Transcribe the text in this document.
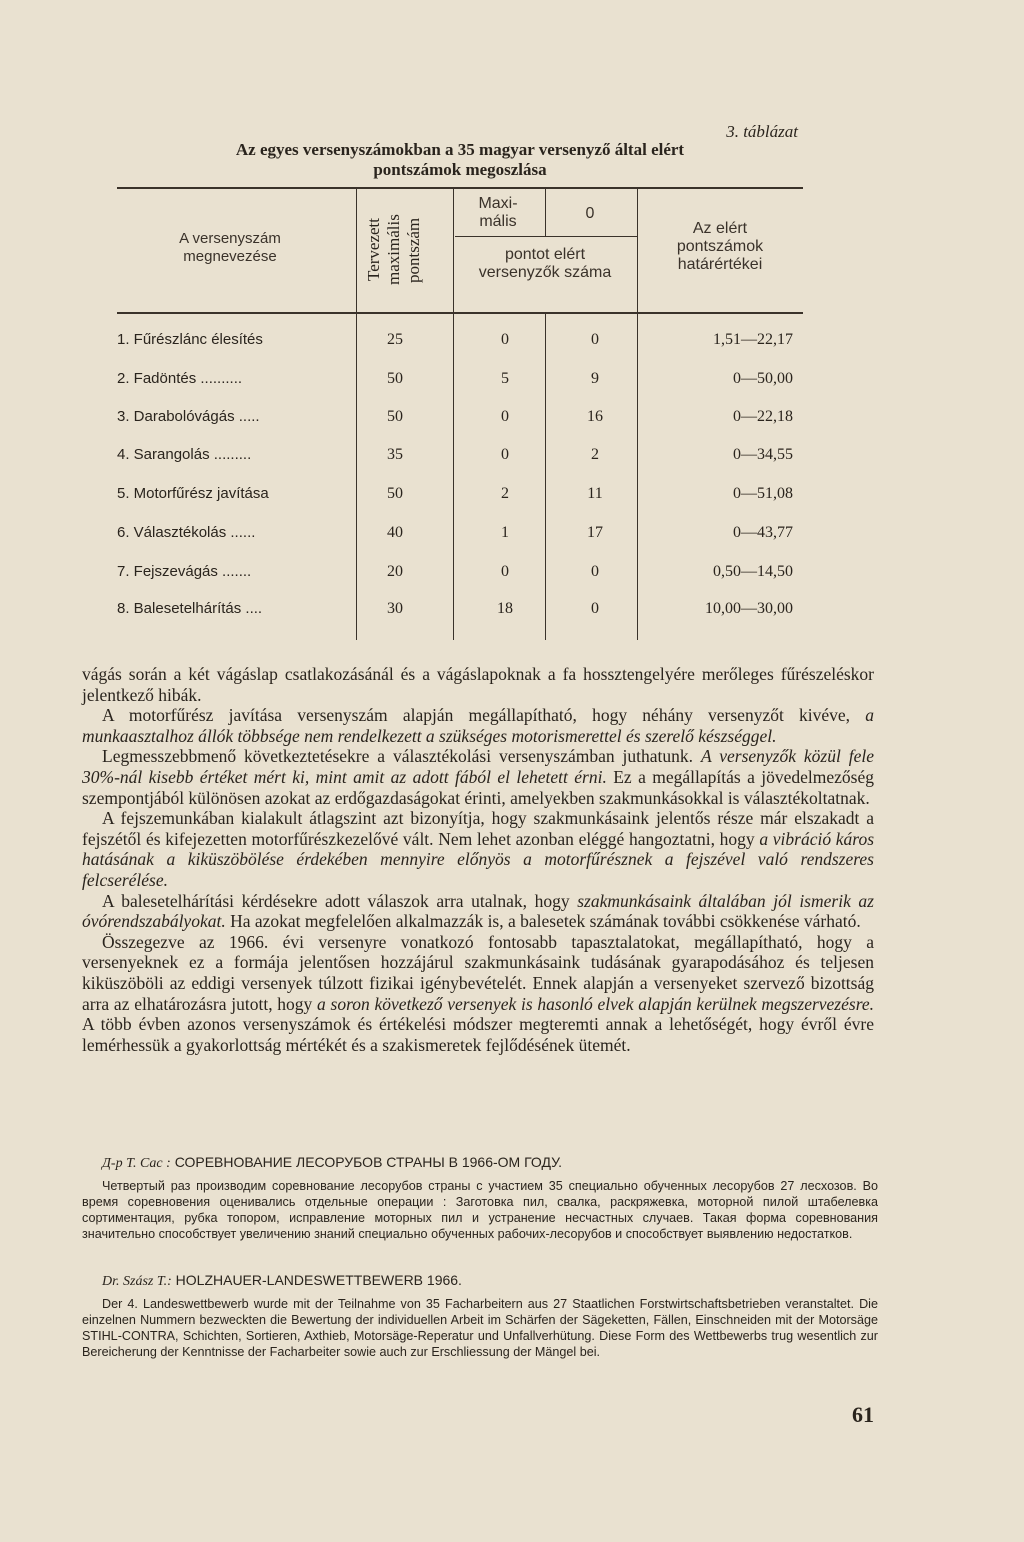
3. táblázat
Az egyes versenyszámokban a 35 magyar versenyző által elért
pontszámok megoszlása
A versenyszám megnevezése	Tervezett maximális pontszám
Maxi-mális	0
pontot elért versenyzők száma
Az elért pontszámok határértékei
1. Fűrészlánc élesítés	25	0	0	1,51—22,17
2. Fadöntés ..........	50	5	9	0—50,00
3. Darabolóvágás .....	50	0	16	0—22,18
4. Sarangolás .........	35	0	2	0—34,55
5. Motorfűrész javítása	50	2	11	0—51,08
6. Választékolás ......	40	1	17	0—43,77
7. Fejszevágás .......	20	0	0	0,50—14,50
8. Balesetelhárítás ....	30	18	0	10,00—30,00

vágás során a két vágáslap csatlakozásánál és a vágáslapoknak a fa hossztengelyére merőleges fűrészeléskor jelentkező hibák.

A motorfűrész javítása versenyszám alapján megállapítható, hogy néhány versenyzőt kivéve, a munkaasztalhoz állók többsége nem rendelkezett a szükséges motorismerettel és szerelő készséggel.

Legmesszebbmenő következtetésekre a választékolási versenyszámban juthatunk. A versenyzők közül fele 30%-nál kisebb értéket mért ki, mint amit az adott fából el lehetett érni. Ez a megállapítás a jövedelmezőség szempontjából különösen azokat az erdőgazdaságokat érinti, amelyekben szakmunkásokkal is választékoltatnak.

A fejszemunkában kialakult átlagszint azt bizonyítja, hogy szakmunkásaink jelentős része már elszakadt a fejszétől és kifejezetten motorfűrészkezelővé vált. Nem lehet azonban eléggé hangoztatni, hogy a vibráció káros hatásának a kiküszöbölése érdekében mennyire előnyös a motorfűrésznek a fejszével való rendszeres felcserélése.

A balesetelhárítási kérdésekre adott válaszok arra utalnak, hogy szakmunkásaink általában jól ismerik az óvórendszabályokat. Ha azokat megfelelően alkalmazzák is, a balesetek számának további csökkenése várható.

Összegezve az 1966. évi versenyre vonatkozó fontosabb tapasztalatokat, megállapítható, hogy a versenyeknek ez a formája jelentősen hozzájárul szakmunkásaink tudásának gyarapodásához és teljesen kiküszöböli az eddigi versenyek túlzott fizikai igénybevételét. Ennek alapján a versenyeket szervező bizottság arra az elhatározásra jutott, hogy a soron következő versenyek is hasonló elvek alapján kerülnek megszervezésre. A több évben azonos versenyszámok és értékelési módszer megteremti annak a lehetőségét, hogy évről évre lemérhessük a gyakorlottság mértékét és a szakismeretek fejlődésének ütemét.

Д-р Т. Сас : СОРЕВНОВАНИЕ ЛЕСОРУБОВ СТРАНЫ В 1966-ОМ ГОДУ.

Четвертый раз производим соревнование лесорубов страны с участием 35 специально обученных лесорубов 27 лесхозов. Во время соревновения оценивались отдельные операции : Заготовка пил, свалка, раскряжевка, моторной пилой штабелевка сортиментация, рубка топором, исправление моторных пил и устранение несчастных случаев. Такая форма соревнования значительно способствует увеличению знаний специально обученных рабочих-лесорубов и способствует выявлению недостатков.

Dr. Szász T.: HOLZHAUER-LANDESWETTBEWERB 1966.

Der 4. Landeswettbewerb wurde mit der Teilnahme von 35 Facharbeitern aus 27 Staatlichen Forstwirtschaftsbetrieben veranstaltet. Die einzelnen Nummern bezweckten die Bewertung der individuellen Arbeit im Schärfen der Sägeketten, Fällen, Einschneiden mit der Motorsäge STIHL-CONTRA, Schichten, Sortieren, Axthieb, Motorsäge-Reperatur und Unfallverhütung. Diese Form des Wettbewerbs trug wesentlich zur Bereicherung der Kenntnisse der Facharbeiter sowie auch zur Erschliessung der Mängel bei.

61
